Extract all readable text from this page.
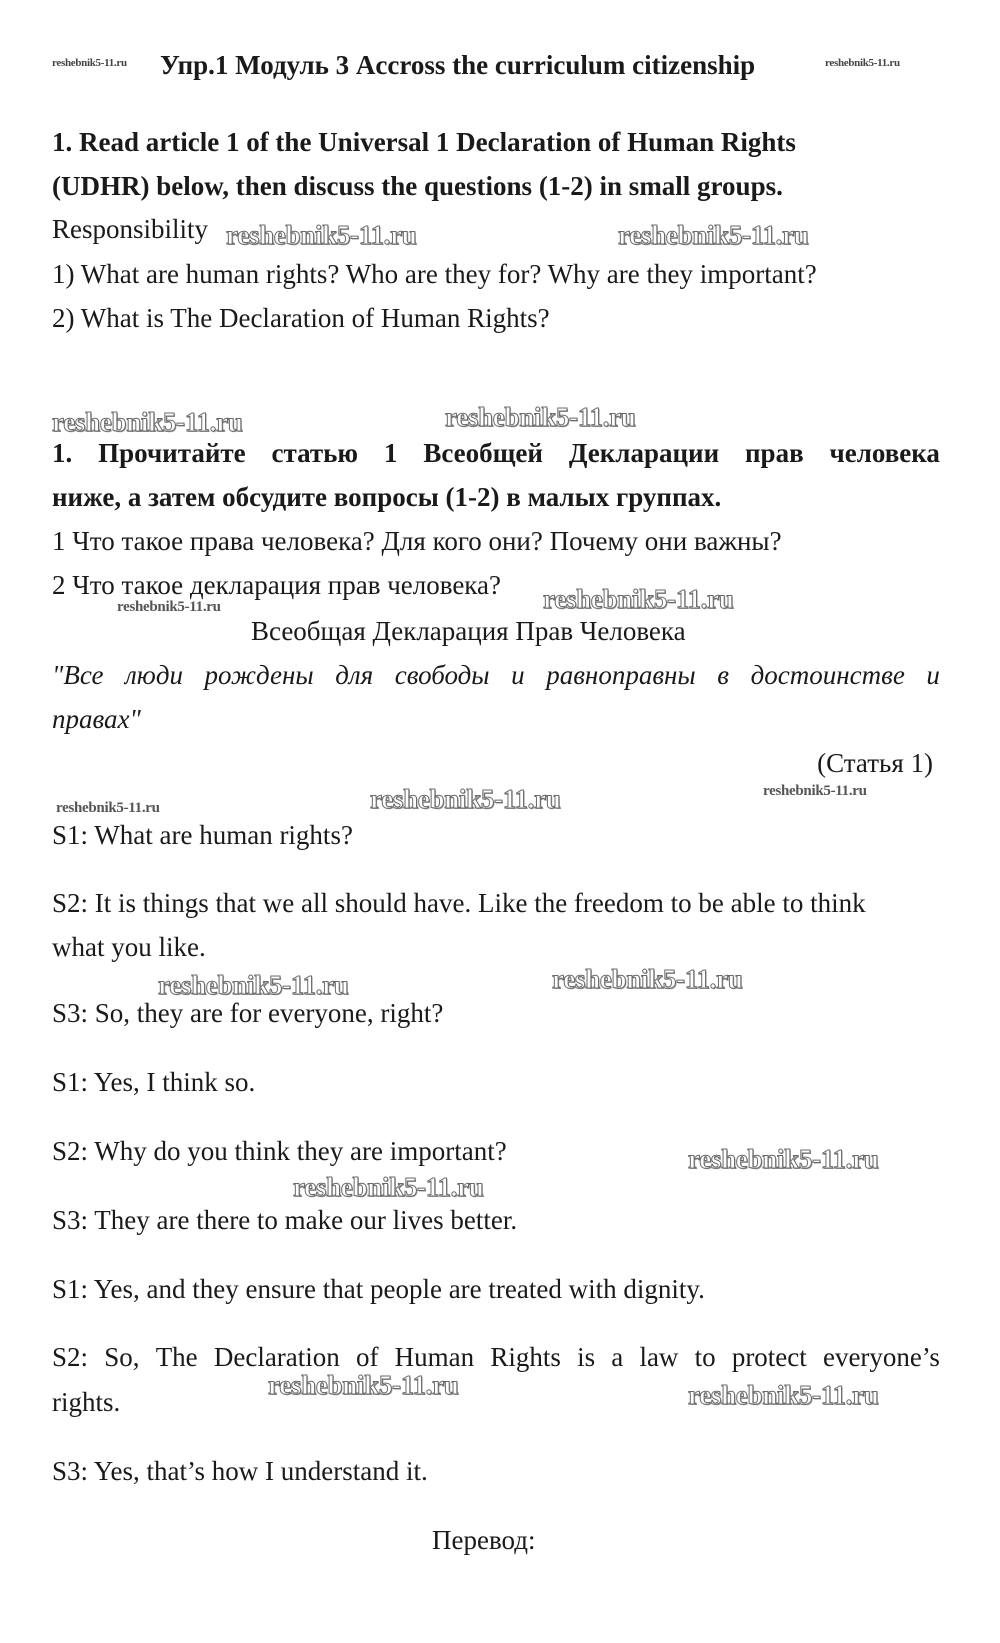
reshebnik5-11.ru Упр.1 Модуль 3 Accross the curriculum citizenship	reshebnik5-11.ru
1. Read article 1 of the Universal 1 Declaration of Human Rights
(UDHR) below, then discuss the questions (1-2) in small groups.
Responsibility reshebnik5-11.ru	reshebnik5-11.ru
1) What are human rights? Who are they for? Why are they important?
2) What is The Declaration of Human Rights?
reshebnik5-11.ru	reshebnik5-11.ru
1. Прочитайте статью 1 Всеобщей Декларации прав человека
ниже, а затем обсудите вопросы (1-2) в малых группах.
1 Что такое права человека? Для кого они? Почему они важны?
2 Что такое декларация прав человека?
reshebnik5-11.ru	reshebnik5-11.ru
Всеобщая Декларация Прав Человека
"Все люди рождены для свободы и равноправны в достоинстве и
правах"
(Статья 1)
reshebnik5-11.ru	reshebnik5-11.ru	reshebnik5-11.ru
S1: What are human rights?
S2: It is things that we all should have. Like the freedom to be able to think
what you like.
reshebnik5-11.ru	reshebnik5-11.ru
S3: So, they are for everyone, right?
S1: Yes, I think so.
S2: Why do you think they are important?	reshebnik5-11.ru
reshebnik5-11.ru
S3: They are there to make our lives better.
S1: Yes, and they ensure that people are treated with dignity.
S2: So, The Declaration of Human Rights is a law to protect everyone’s
reshebnik5-11.ru	reshebnik5-11.ru
rights.
S3: Yes, that’s how I understand it.
Перевод:
